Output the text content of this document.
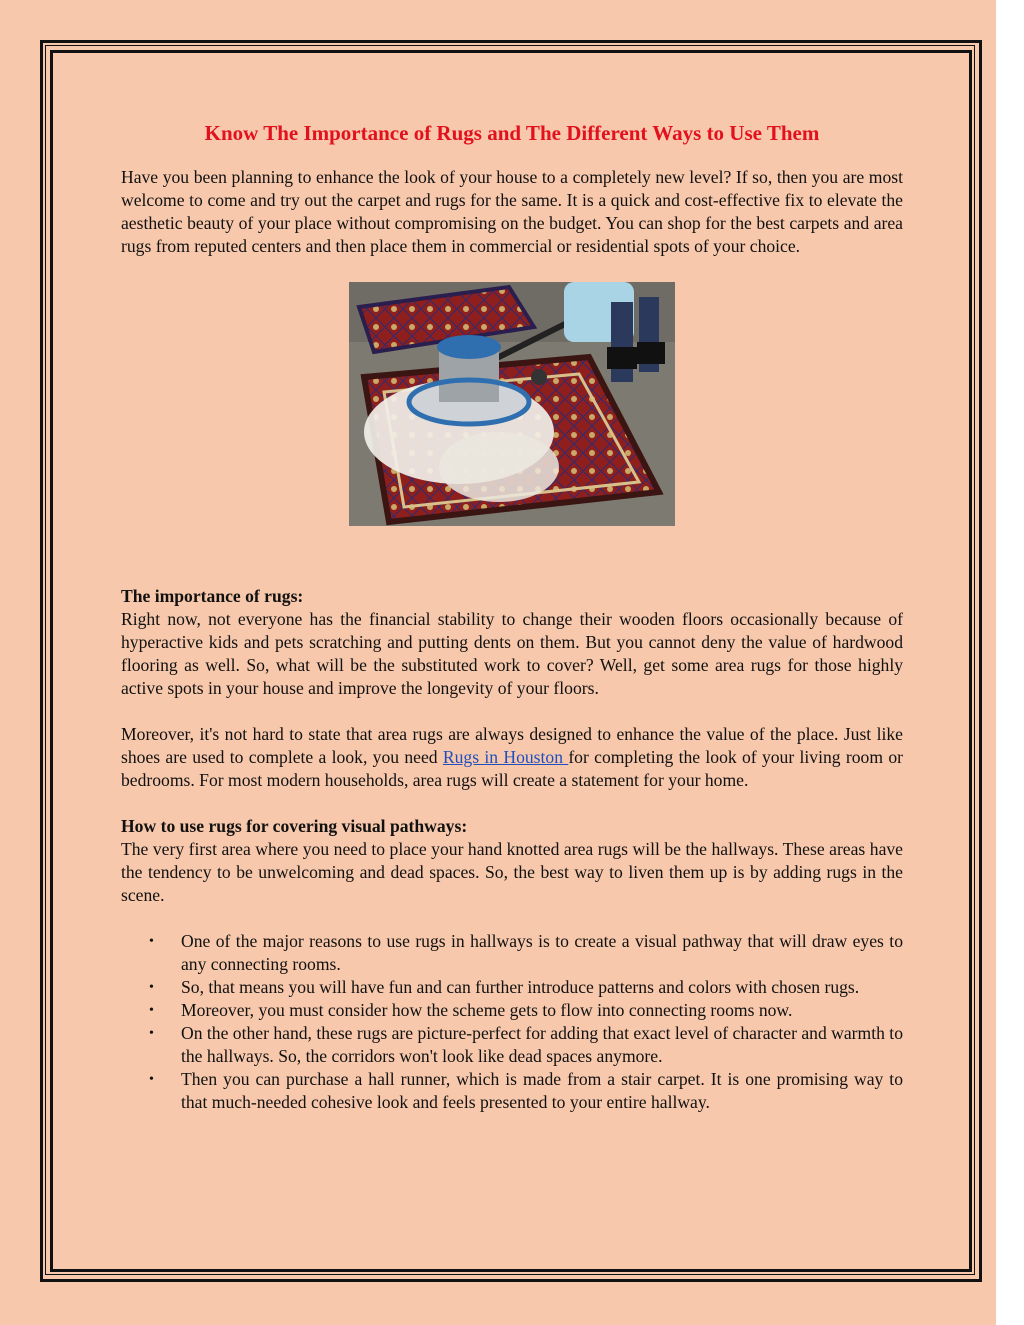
Know The Importance of Rugs and The Different Ways to Use Them

Have you been planning to enhance the look of your house to a completely new level? If so, then you are most welcome to come and try out the carpet and rugs for the same. It is a quick and cost-effective fix to elevate the aesthetic beauty of your place without compromising on the budget. You can shop for the best carpets and area rugs from reputed centers and then place them in commercial or residential spots of your choice.

The importance of rugs:

Right now, not everyone has the financial stability to change their wooden floors occasionally because of hyperactive kids and pets scratching and putting dents on them. But you cannot deny the value of hardwood flooring as well. So, what will be the substituted work to cover? Well, get some area rugs for those highly active spots in your house and improve the longevity of your floors.

Moreover, it's not hard to state that area rugs are always designed to enhance the value of the place. Just like shoes are used to complete a look, you need Rugs in Houston for completing the look of your living room or bedrooms. For most modern households, area rugs will create a statement for your home.

How to use rugs for covering visual pathways:

The very first area where you need to place your hand knotted area rugs will be the hallways. These areas have the tendency to be unwelcoming and dead spaces. So, the best way to liven them up is by adding rugs in the scene.

• One of the major reasons to use rugs in hallways is to create a visual pathway that will draw eyes to any connecting rooms.
• So, that means you will have fun and can further introduce patterns and colors with chosen rugs.
• Moreover, you must consider how the scheme gets to flow into connecting rooms now.
• On the other hand, these rugs are picture-perfect for adding that exact level of character and warmth to the hallways. So, the corridors won't look like dead spaces anymore.
• Then you can purchase a hall runner, which is made from a stair carpet. It is one promising way to that much-needed cohesive look and feels presented to your entire hallway.
